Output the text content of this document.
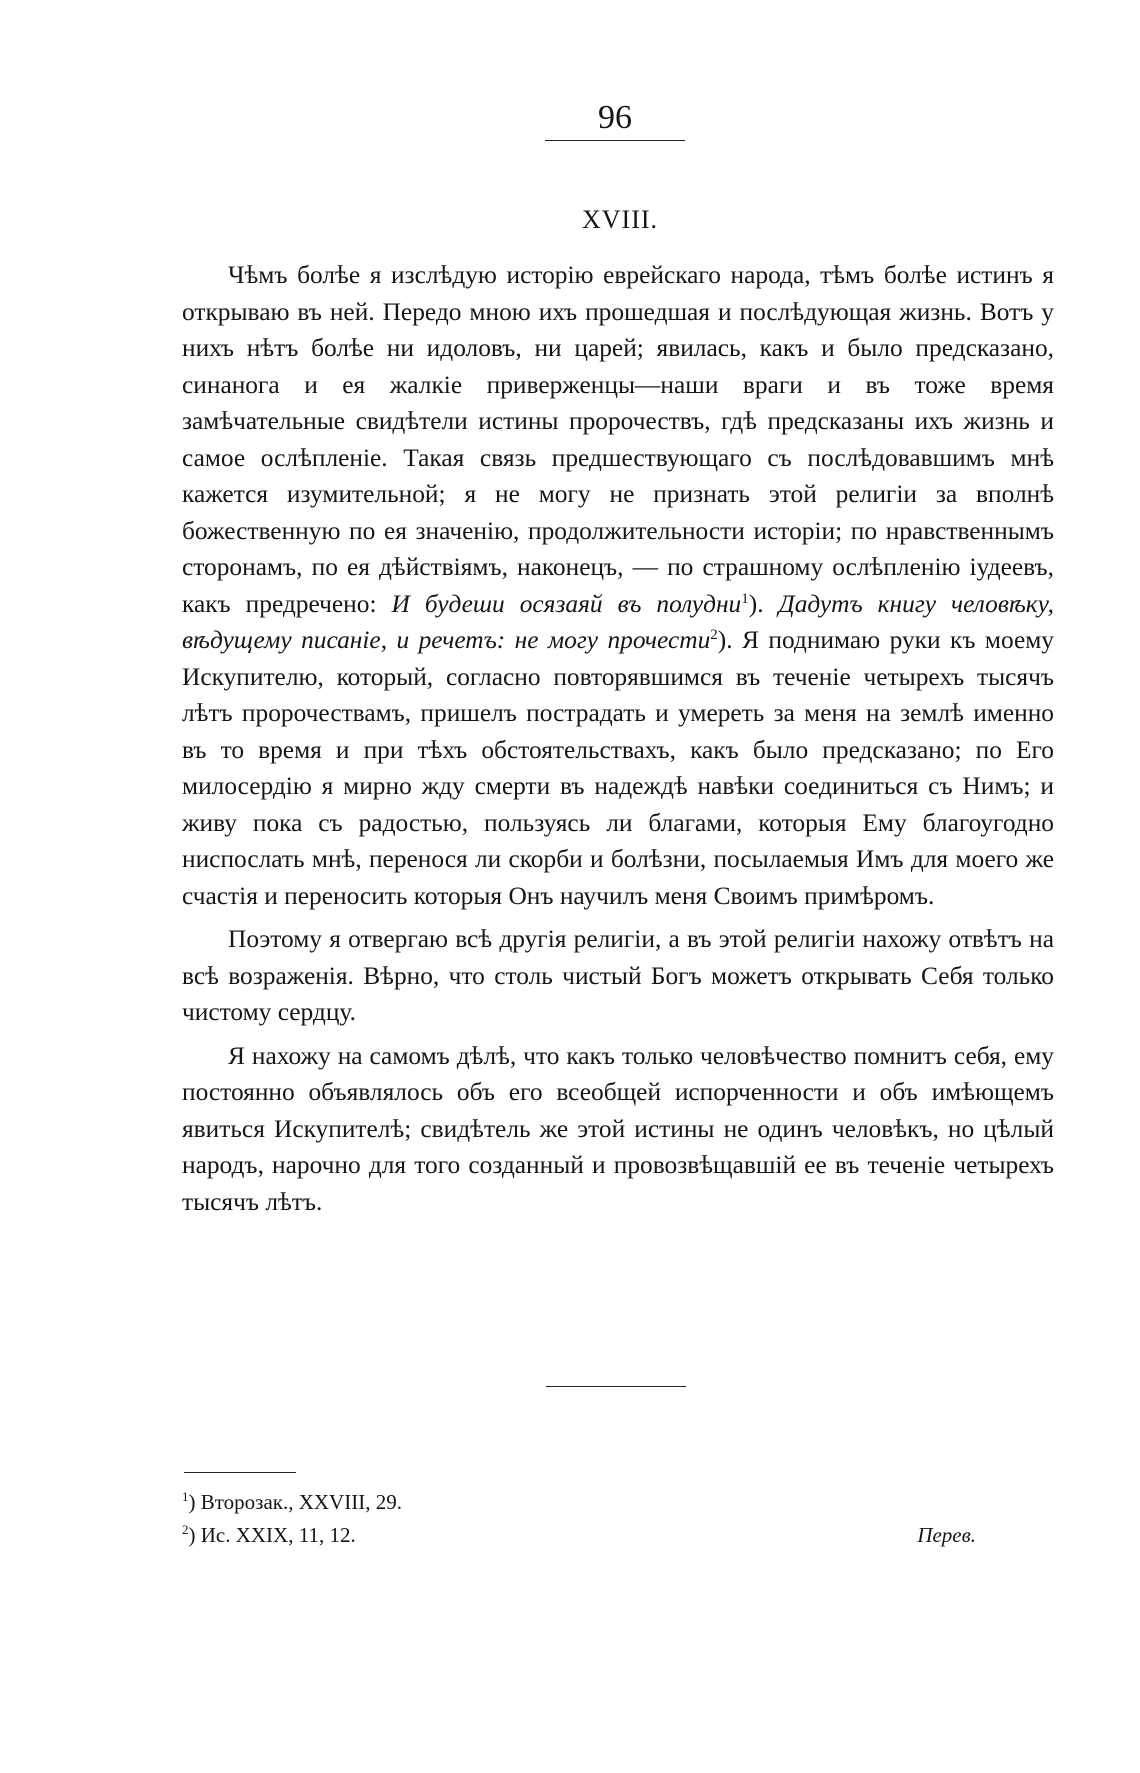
96
XVIII.

Чѣмъ болѣе я изслѣдую исторію еврейскаго народа, тѣмъ болѣе истинъ я открываю въ ней. Передо мною ихъ прошедшая и послѣдующая жизнь. Вотъ у нихъ нѣтъ болѣе ни идоловъ, ни царей; явилась, какъ и было предсказано, синанога и ея жалкіе приверженцы—наши враги и въ тоже время замѣчательные свидѣтели истины пророчествъ, гдѣ предсказаны ихъ жизнь и самое ослѣпленіе. Такая связь предшествующаго съ послѣдовавшимъ мнѣ кажется изумительной; я не могу не признать этой религіи за вполнѣ божественную по ея значенію, продолжительности исторіи; по нравственнымъ сторонамъ, по ея дѣйствіямъ, наконецъ, — по страшному ослѣпленію іудеевъ, какъ предречено: И будеши осязаяй въ полудни$^1$). Дадутъ книгу человѣку, вѣдущему писаніе, и речетъ: не могу прочести$^2$). Я поднимаю руки къ моему Искупителю, который, согласно повторявшимся въ теченіе четырехъ тысячъ лѣтъ пророчествамъ, пришелъ пострадать и умереть за меня на землѣ именно въ то время и при тѣхъ обстоятельствахъ, какъ было предсказано; по Его милосердію я мирно жду смерти въ надеждѣ навѣки соединиться съ Нимъ; и живу пока съ радостью, пользуясь ли благами, которыя Ему благоугодно ниспослать мнѣ, перенося ли скорби и болѣзни, посылаемыя Имъ для моего же счастія и переносить которыя Онъ научилъ меня Своимъ примѣромъ.

Поэтому я отвергаю всѣ другія религіи, а въ этой религіи нахожу отвѣтъ на всѣ возраженія. Вѣрно, что столь чистый Богъ можетъ открывать Себя только чистому сердцу.

Я нахожу на самомъ дѣлѣ, что какъ только человѣчество помнитъ себя, ему постоянно объявлялось объ его всеобщей испорченности и объ имѣющемъ явиться Искупителѣ; свидѣтель же этой истины не одинъ человѣкъ, но цѣлый народъ, нарочно для того созданный и провозвѣщавшій ее въ теченіе четырехъ тысячъ лѣтъ.

$^1$) Второзак., XXVIII, 29.

$^2$) Ис. XXIX, 11, 12.	Перев.
